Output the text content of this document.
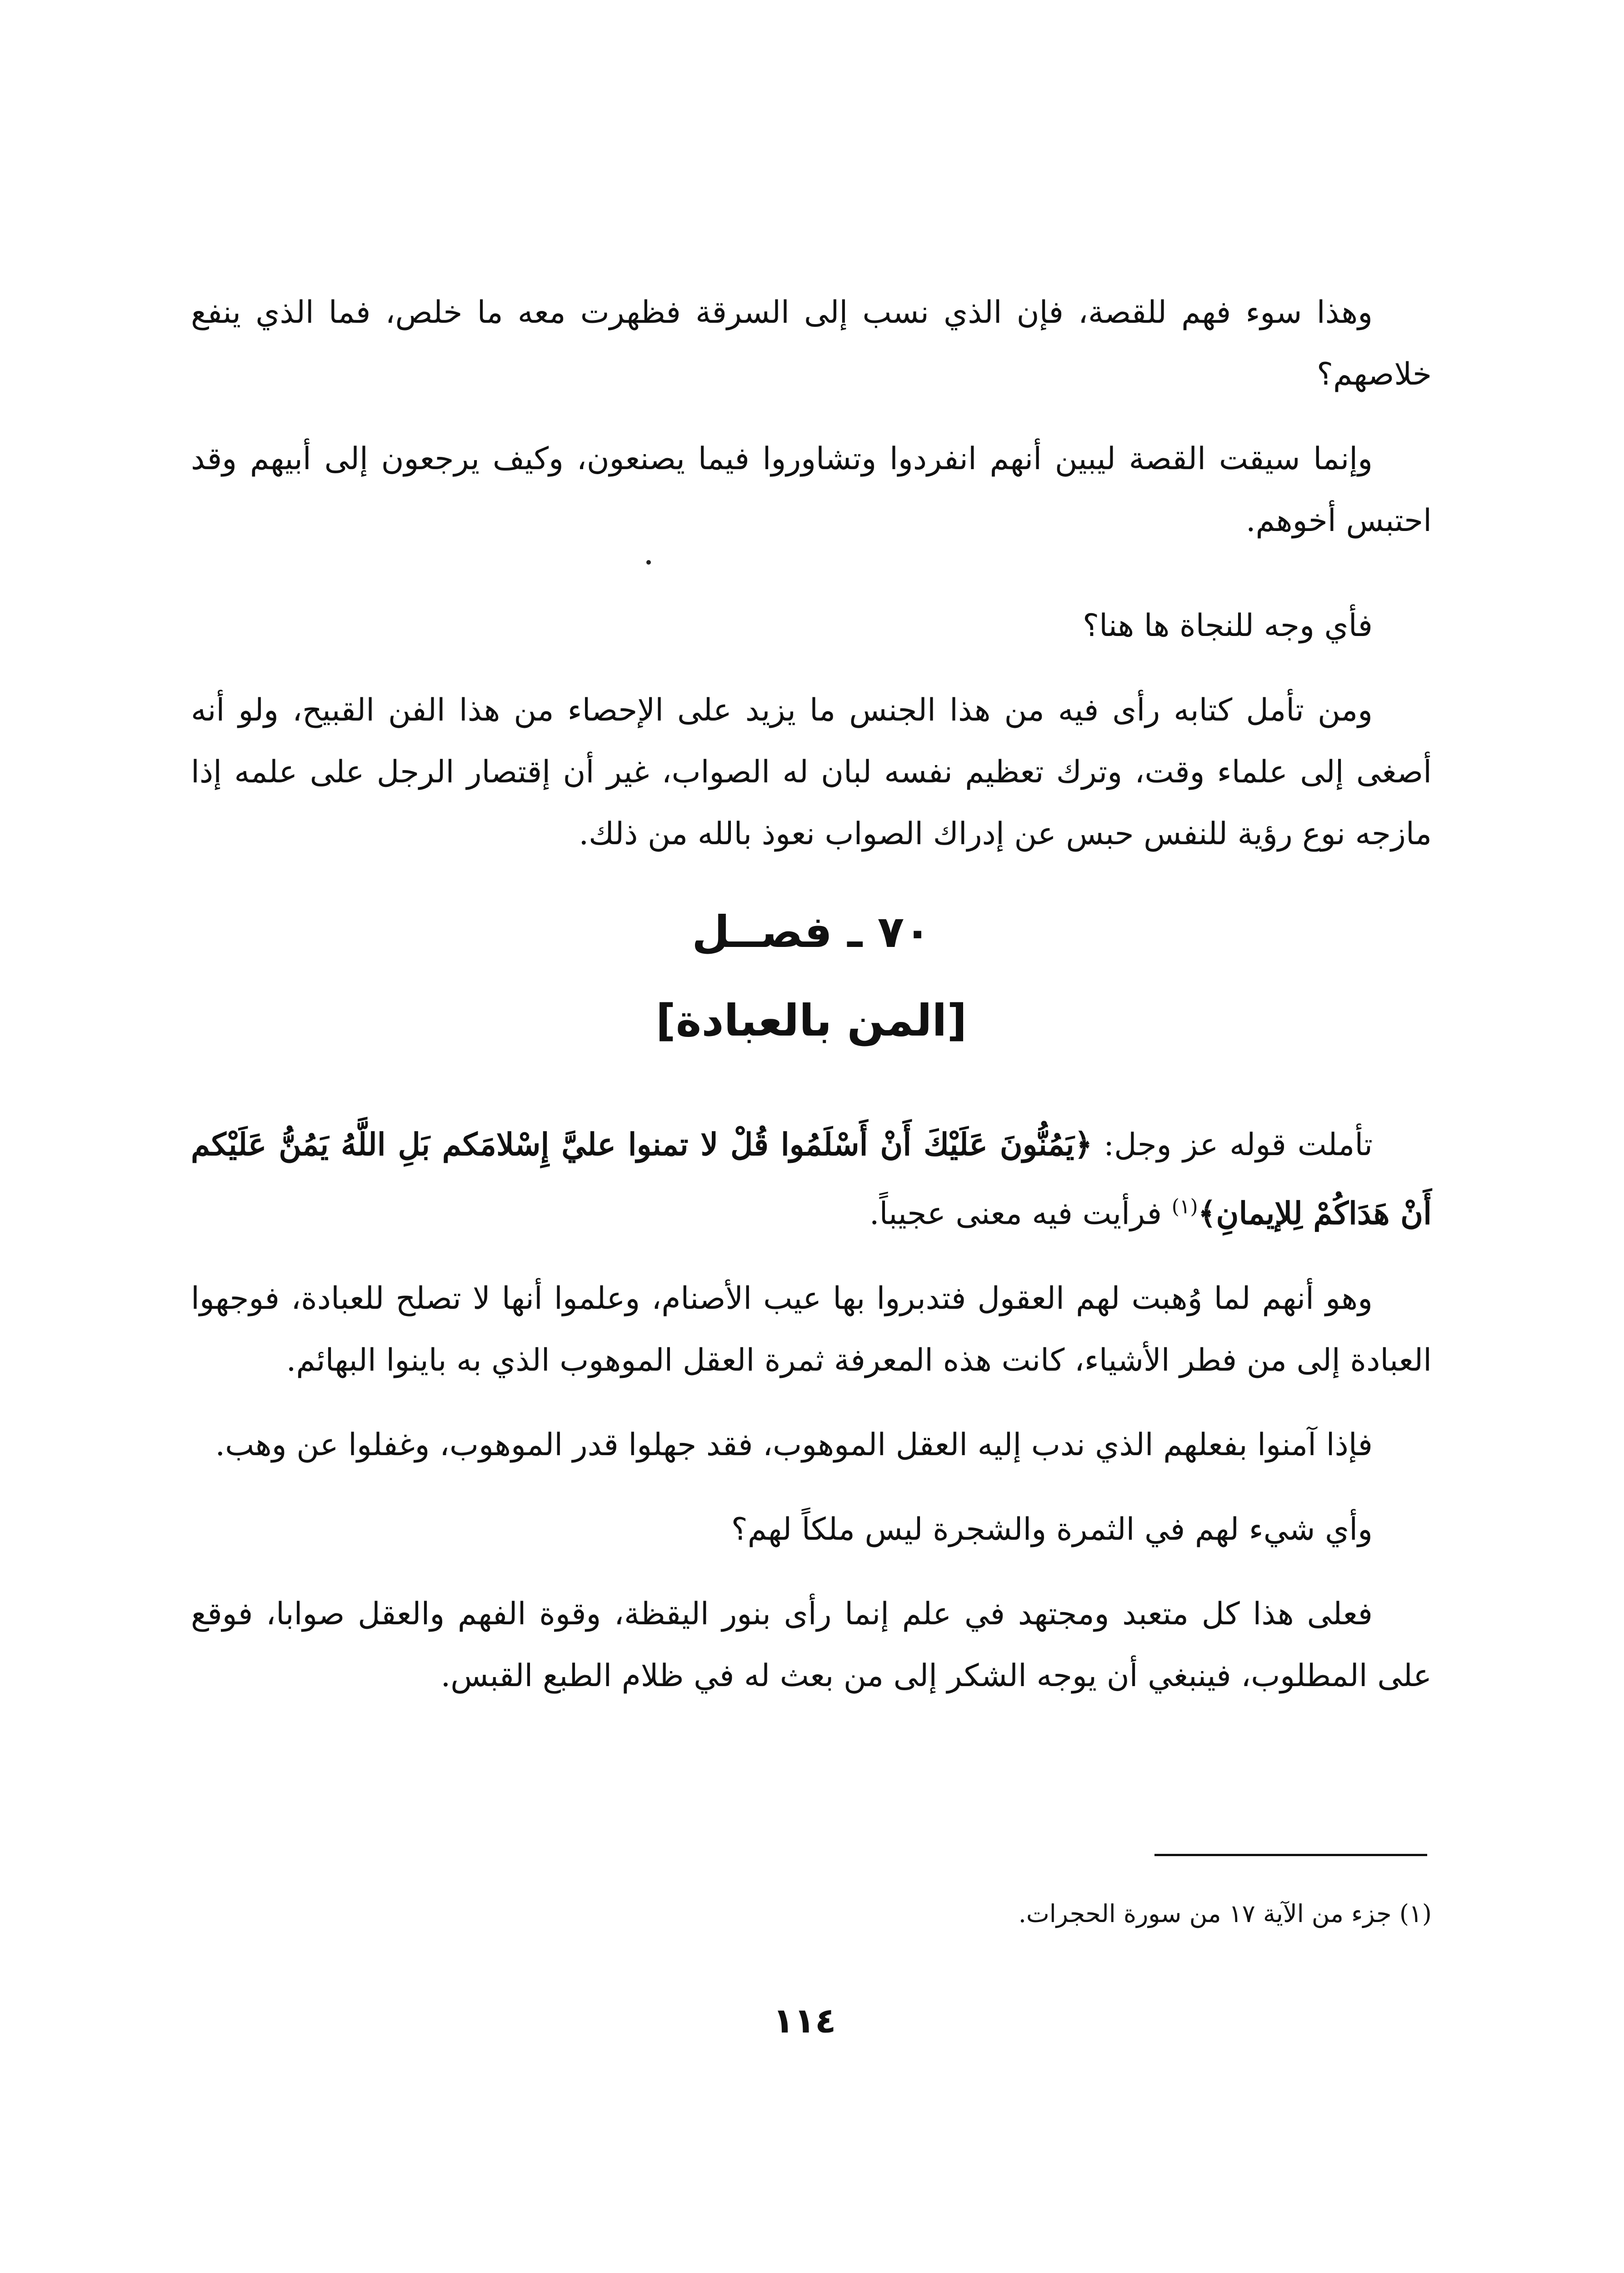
وهذا سوء فهم للقصة، فإن الذي نسب إلى السرقة فظهرت معه ما خلص، فما الذي ينفع خلاصهم؟

وإنما سيقت القصة ليبين أنهم انفردوا وتشاوروا فيما يصنعون، وكيف يرجعون إلى أبيهم وقد احتبس أخوهم.

فأي وجه للنجاة ها هنا؟

ومن تأمل كتابه رأى فيه من هذا الجنس ما يزيد على الإحصاء من هذا الفن القبيح، ولو أنه أصغى إلى علماء وقت، وترك تعظيم نفسه لبان له الصواب، غير أن إقتصار الرجل على علمه إذا مازجه نوع رؤية للنفس حبس عن إدراك الصواب نعوذ بالله من ذلك.

٧٠ ـ فصــل
[المن بالعبادة]

تأملت قوله عز وجل: ﴿يَمُنُّونَ عَلَيْكَ أَنْ أَسْلَمُوا قُلْ لا تمنوا عليَّ إِسْلامَكم بَلِ اللَّهُ يَمُنُّ عَلَيْكم أَنْ هَدَاكُمْ لِلإيمانِ﴾$^{(١)}$ فرأيت فيه معنى عجيباً.

وهو أنهم لما وُهبت لهم العقول فتدبروا بها عيب الأصنام، وعلموا أنها لا تصلح للعبادة، فوجهوا العبادة إلى من فطر الأشياء، كانت هذه المعرفة ثمرة العقل الموهوب الذي به باينوا البهائم.

فإذا آمنوا بفعلهم الذي ندب إليه العقل الموهوب، فقد جهلوا قدر الموهوب، وغفلوا عن وهب.

وأي شيء لهم في الثمرة والشجرة ليس ملكاً لهم؟

فعلى هذا كل متعبد ومجتهد في علم إنما رأى بنور اليقظة، وقوة الفهم والعقل صوابا، فوقع على المطلوب، فينبغي أن يوجه الشكر إلى من بعث له في ظلام الطبع القبس.

(١) جزء من الآية ١٧ من سورة الحجرات.
١١٤
